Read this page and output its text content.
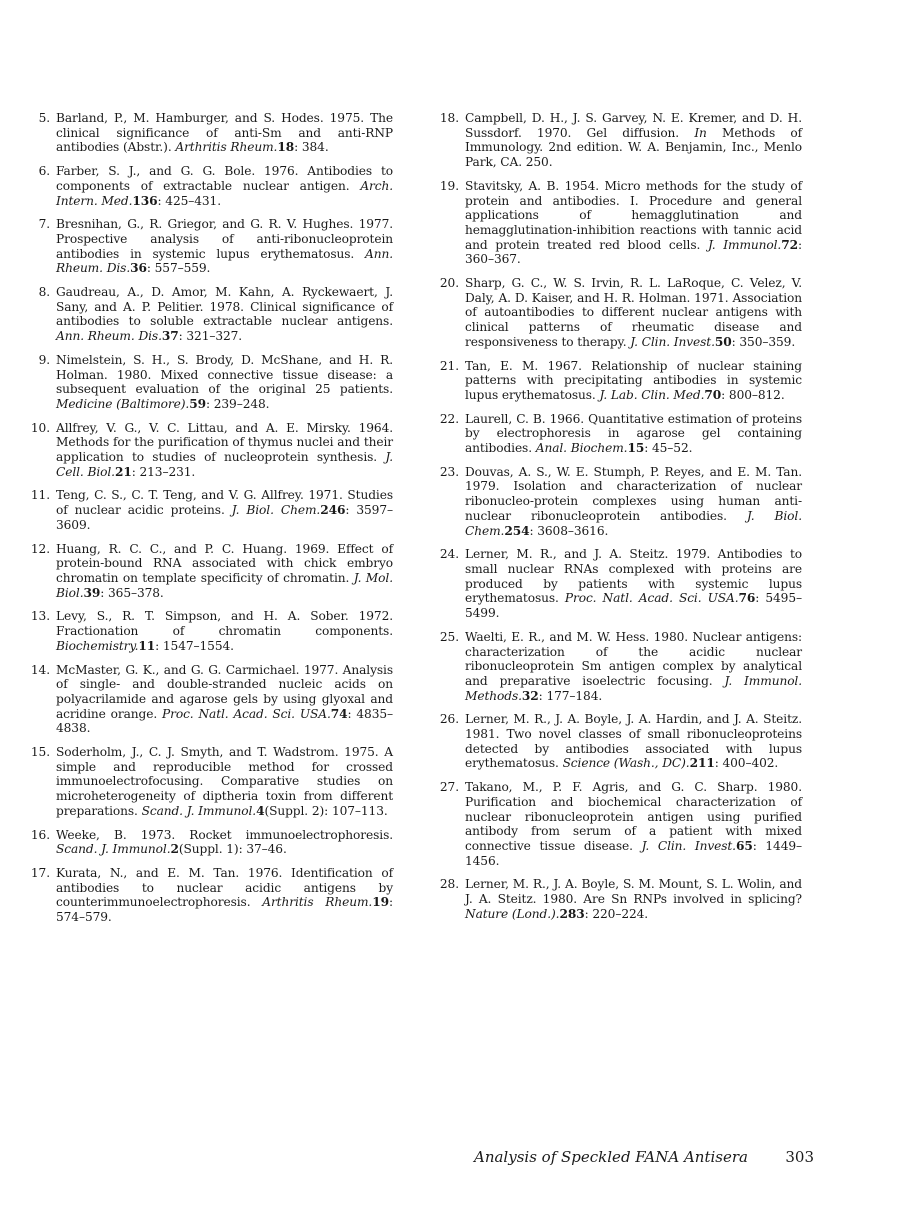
5 . Barland, P., M. Hamburger, and S. Hodes. 1975. The clinical significance of anti-Sm and anti-RNP antibodies (Abstr.). Arthritis Rheum.18: 384.
6 . Farber, S. J., and G. G. Bole. 1976. Antibodies to components of extractable nuclear antigen. Arch. Intern. Med.136: 425–431.
7 . Bresnihan, G., R. Griegor, and G. R. V. Hughes. 1977. Prospective analysis of anti-ribonucleoprotein antibodies in systemic lupus erythematosus. Ann. Rheum. Dis.36: 557–559.
8 . Gaudreau, A., D. Amor, M. Kahn, A. Ryckewaert, J. Sany, and A. P. Pelitier. 1978. Clinical significance of antibodies to soluble extractable nuclear antigens. Ann. Rheum. Dis.37: 321–327.
9 . Nimelstein, S. H., S. Brody, D. McShane, and H. R. Holman. 1980. Mixed connective tissue disease: a subsequent evaluation of the original 25 patients. Medicine (Baltimore).59: 239–248.
10 . Allfrey, V. G., V. C. Littau, and A. E. Mirsky. 1964. Methods for the purification of thymus nuclei and their application to studies of nucleoprotein synthesis. J. Cell. Biol.21: 213–231.
11 . Teng, C. S., C. T. Teng, and V. G. Allfrey. 1971. Studies of nuclear acidic proteins. J. Biol. Chem.246: 3597–3609.
12 . Huang, R. C. C., and P. C. Huang. 1969. Effect of protein-bound RNA associated with chick embryo chromatin on template specificity of chromatin. J. Mol. Biol.39: 365–378.
13 . Levy, S., R. T. Simpson, and H. A. Sober. 1972. Fractionation of chromatin components. Biochemistry.11: 1547–1554.
14 . McMaster, G. K., and G. G. Carmichael. 1977. Analysis of single- and double-stranded nucleic acids on polyacrilamide and agarose gels by using glyoxal and acridine orange. Proc. Natl. Acad. Sci. USA.74: 4835–4838.
15 . Soderholm, J., C. J. Smyth, and T. Wadstrom. 1975. A simple and reproducible method for crossed immunoelectrofocusing. Comparative studies on microheterogeneity of diptheria toxin from different preparations. Scand. J. Immunol.4(Suppl. 2): 107–113.
16 . Weeke, B. 1973. Rocket immunoelectrophoresis. Scand. J. Immunol.2(Suppl. 1): 37–46.
17 . Kurata, N., and E. M. Tan. 1976. Identification of antibodies to nuclear acidic antigens by counterimmunoelectrophoresis. Arthritis Rheum.19: 574–579.
18 . Campbell, D. H., J. S. Garvey, N. E. Kremer, and D. H. Sussdorf. 1970. Gel diffusion. In Methods of Immunology. 2nd edition. W. A. Benjamin, Inc., Menlo Park, CA. 250.
19 . Stavitsky, A. B. 1954. Micro methods for the study of protein and antibodies. I. Procedure and general applications of hemagglutination and hemagglutination-inhibition reactions with tannic acid and protein treated red blood cells. J. Immunol.72: 360–367.
20 . Sharp, G. C., W. S. Irvin, R. L. LaRoque, C. Velez, V. Daly, A. D. Kaiser, and H. R. Holman. 1971. Association of autoantibodies to different nuclear antigens with clinical patterns of rheumatic disease and responsiveness to therapy. J. Clin. Invest.50: 350–359.
21 . Tan, E. M. 1967. Relationship of nuclear staining patterns with precipitating antibodies in systemic lupus erythematosus. J. Lab. Clin. Med.70: 800–812.
22 . Laurell, C. B. 1966. Quantitative estimation of proteins by electrophoresis in agarose gel containing antibodies. Anal. Biochem.15: 45–52.
23 . Douvas, A. S., W. E. Stumph, P. Reyes, and E. M. Tan. 1979. Isolation and characterization of nuclear ribonucleo-protein complexes using human anti-nuclear ribonucleoprotein antibodies. J. Biol. Chem.254: 3608–3616.
24 . Lerner, M. R., and J. A. Steitz. 1979. Antibodies to small nuclear RNAs complexed with proteins are produced by patients with systemic lupus erythematosus. Proc. Natl. Acad. Sci. USA.76: 5495–5499.
25 . Waelti, E. R., and M. W. Hess. 1980. Nuclear antigens: characterization of the acidic nuclear ribonucleoprotein Sm antigen complex by analytical and preparative isoelectric focusing. J. Immunol. Methods.32: 177–184.
26 . Lerner, M. R., J. A. Boyle, J. A. Hardin, and J. A. Steitz. 1981. Two novel classes of small ribonucleoproteins detected by antibodies associated with lupus erythematosus. Science (Wash., DC).211: 400–402.
27 . Takano, M., P. F. Agris, and G. C. Sharp. 1980. Purification and biochemical characterization of nuclear ribonucleoprotein antigen using purified antibody from serum of a patient with mixed connective tissue disease. J. Clin. Invest.65: 1449–1456.
28 . Lerner, M. R., J. A. Boyle, S. M. Mount, S. L. Wolin, and J. A. Steitz. 1980. Are Sn RNPs involved in splicing? Nature (Lond.).283: 220–224.
Analysis of Speckled FANA Antisera 303
